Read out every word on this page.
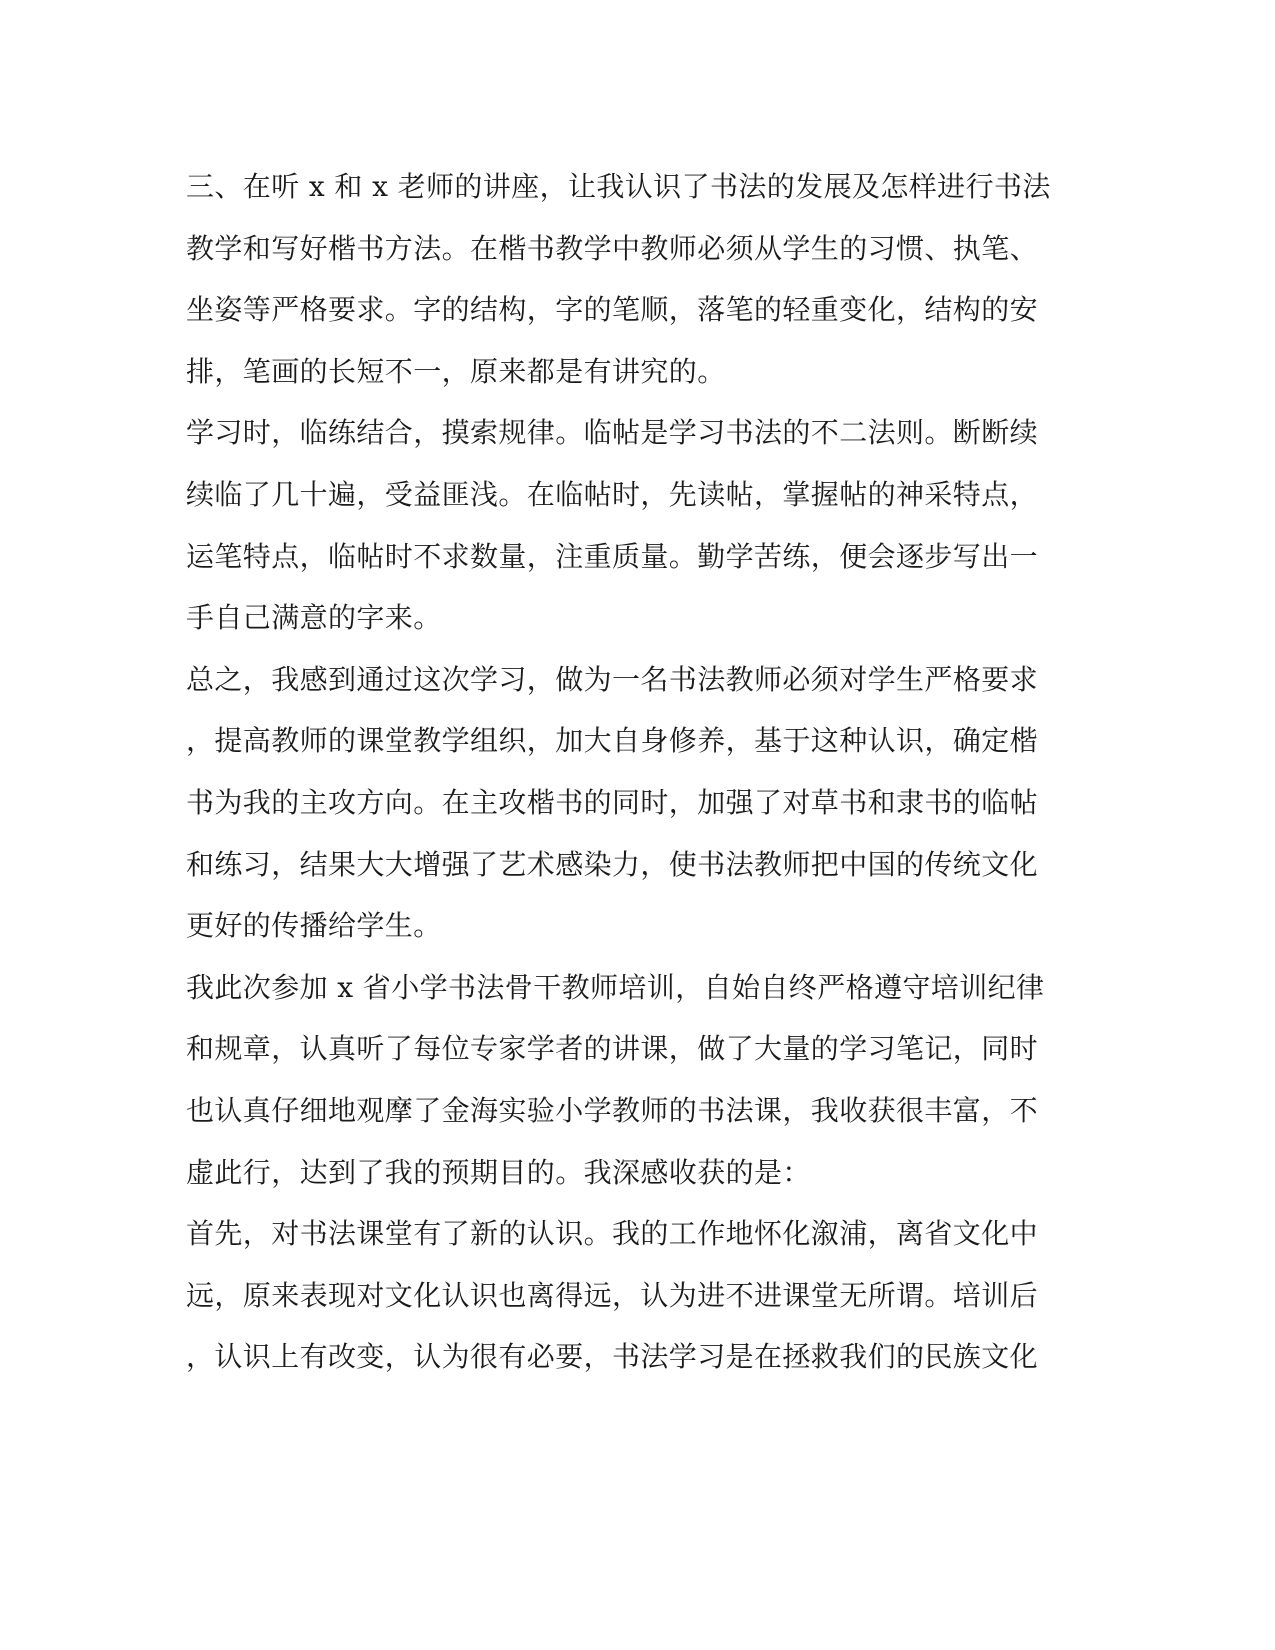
三、在听 x 和 x 老师的讲座，让我认识了书法的发展及怎样进行书法
教学和写好楷书方法。在楷书教学中教师必须从学生的习惯、执笔、
坐姿等严格要求。字的结构，字的笔顺，落笔的轻重变化，结构的安
排，笔画的长短不一，原来都是有讲究的。
学习时，临练结合，摸索规律。临帖是学习书法的不二法则。断断续
续临了几十遍，受益匪浅。在临帖时，先读帖，掌握帖的神采特点，
运笔特点，临帖时不求数量，注重质量。勤学苦练，便会逐步写出一
手自己满意的字来。
总之，我感到通过这次学习，做为一名书法教师必须对学生严格要求
，提高教师的课堂教学组织，加大自身修养，基于这种认识，确定楷
书为我的主攻方向。在主攻楷书的同时，加强了对草书和隶书的临帖
和练习，结果大大增强了艺术感染力，使书法教师把中国的传统文化
更好的传播给学生。
我此次参加 x 省小学书法骨干教师培训，自始自终严格遵守培训纪律
和规章，认真听了每位专家学者的讲课，做了大量的学习笔记，同时
也认真仔细地观摩了金海实验小学教师的书法课，我收获很丰富，不
虚此行，达到了我的预期目的。我深感收获的是：
首先，对书法课堂有了新的认识。我的工作地怀化溆浦，离省文化中
远，原来表现对文化认识也离得远，认为进不进课堂无所谓。培训后
，认识上有改变，认为很有必要，书法学习是在拯救我们的民族文化
